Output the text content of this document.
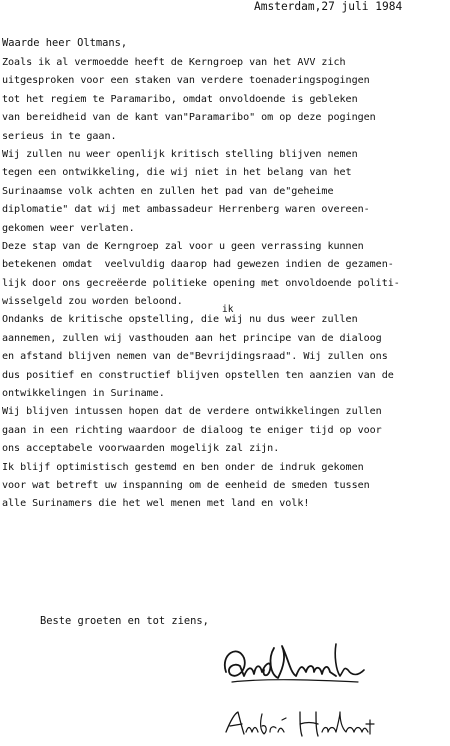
Amsterdam,27 juli 1984
Waarde heer Oltmans,
Zoals ik al vermoedde heeft de Kerngroep van het AVV zich
uitgesproken voor een staken van verdere toenaderingspogingen
tot het regiem te Paramaribo, omdat onvoldoende is gebleken
van bereidheid van de kant van"Paramaribo" om op deze pogingen
serieus in te gaan.
Wij zullen nu weer openlijk kritisch stelling blijven nemen
tegen een ontwikkeling, die wij niet in het belang van het
Surinaamse volk achten en zullen het pad van de"geheime
diplomatie" dat wij met ambassadeur Herrenberg waren overeen-
gekomen weer verlaten.
Deze stap van de Kerngroep zal voor u geen verrassing kunnen
betekenen omdat  veelvuldig daarop had gewezen indien de gezamen-
lijk door ons gecreëerde politieke opening met onvoldoende politi-
wisselgeld zou worden beloond.
Ondanks de kritische opstelling, die wij nu dus weer zullen
aannemen, zullen wij vasthouden aan het principe van de dialoog
en afstand blijven nemen van de"Bevrijdingsraad". Wij zullen ons
dus positief en constructief blijven opstellen ten aanzien van de
ontwikkelingen in Suriname.
Wij blijven intussen hopen dat de verdere ontwikkelingen zullen
gaan in een richting waardoor de dialoog te eniger tijd op voor
ons acceptabele voorwaarden mogelijk zal zijn.
Ik blijf optimistisch gestemd en ben onder de indruk gekomen
voor wat betreft uw inspanning om de eenheid de smeden tussen
alle Surinamers die het wel menen met land en volk!
ik
Beste groeten en tot ziens,
